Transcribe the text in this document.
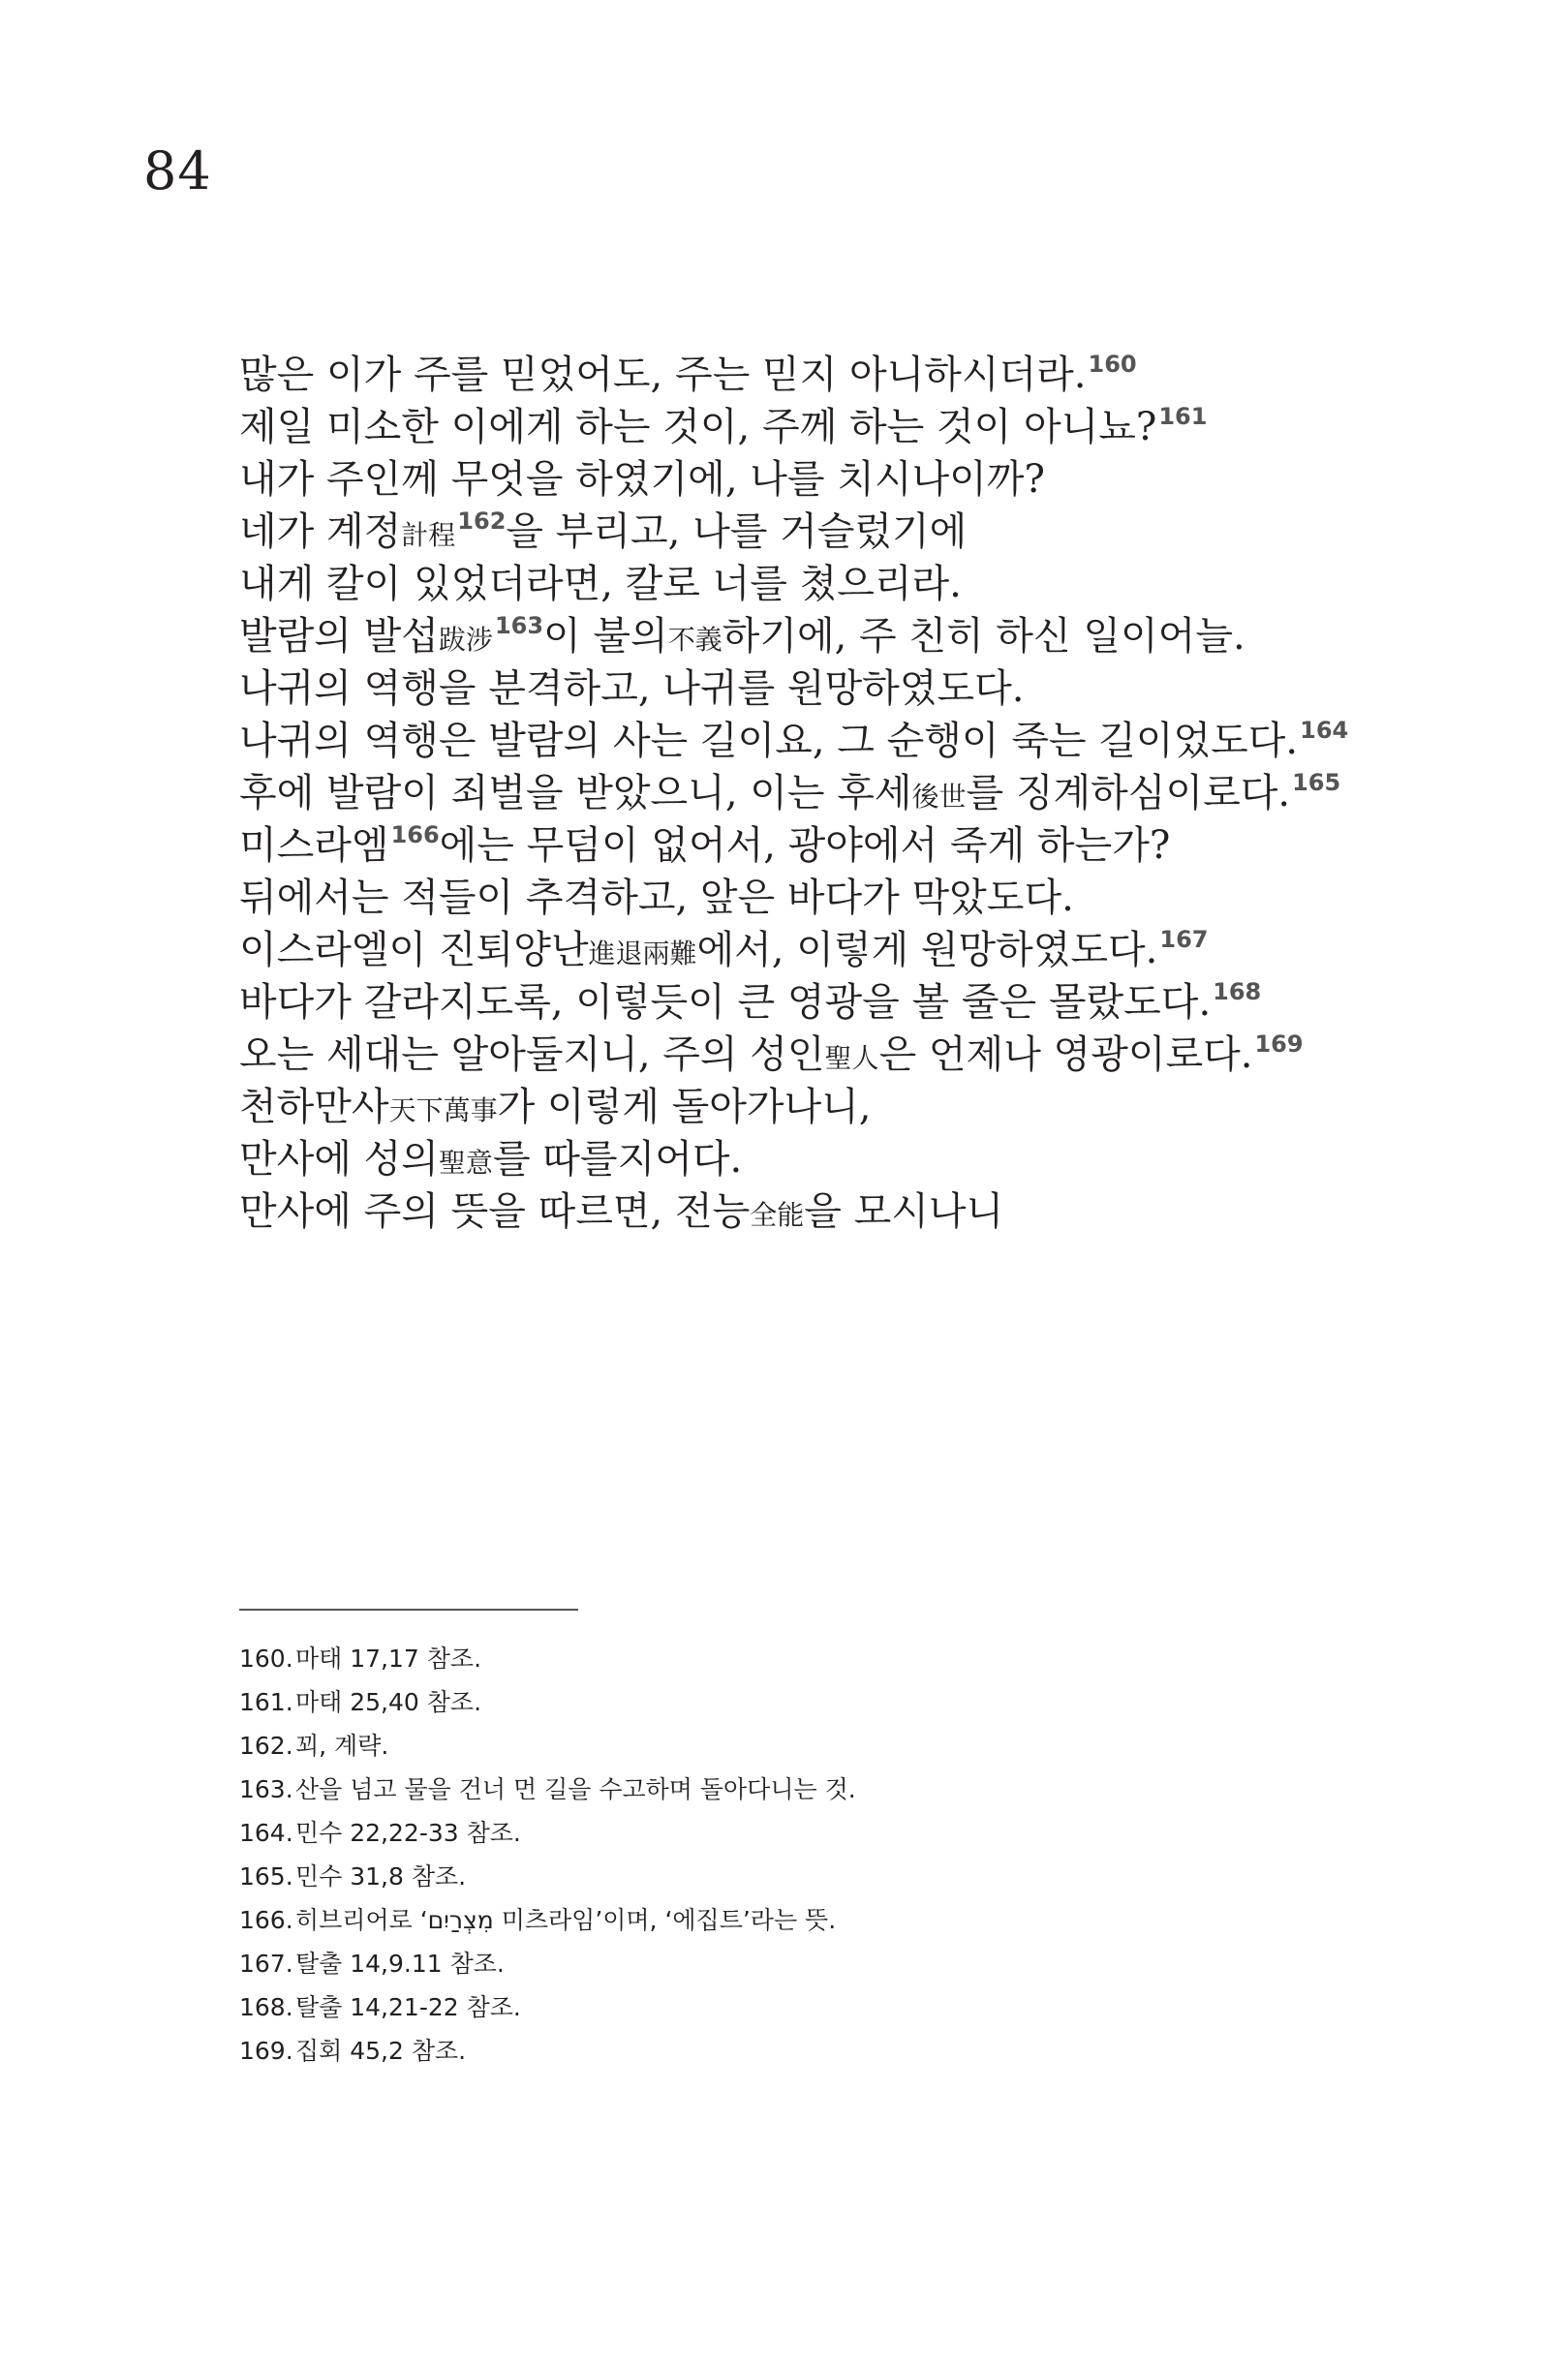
84
많은 이가 주를 믿었어도, 주는 믿지 아니하시더라.$^{160}$
제일 미소한 이에게 하는 것이, 주께 하는 것이 아니뇨?$^{161}$
내가 주인께 무엇을 하였기에, 나를 치시나이까?
네가 계정計程$^{162}$을 부리고, 나를 거슬렀기에
내게 칼이 있었더라면, 칼로 너를 쳤으리라.
발람의 발섭跋涉$^{163}$이 불의不義하기에, 주 친히 하신 일이어늘.
나귀의 역행을 분격하고, 나귀를 원망하였도다.
나귀의 역행은 발람의 사는 길이요, 그 순행이 죽는 길이었도다.$^{164}$
후에 발람이 죄벌을 받았으니, 이는 후세後世를 징계하심이로다.$^{165}$
미스라엠$^{166}$에는 무덤이 없어서, 광야에서 죽게 하는가?
뒤에서는 적들이 추격하고, 앞은 바다가 막았도다.
이스라엘이 진퇴양난進退兩難에서, 이렇게 원망하였도다.$^{167}$
바다가 갈라지도록, 이렇듯이 큰 영광을 볼 줄은 몰랐도다.$^{168}$
오는 세대는 알아둘지니, 주의 성인聖人은 언제나 영광이로다.$^{169}$
천하만사天下萬事가 이렇게 돌아가나니,
만사에 성의聖意를 따를지어다.
만사에 주의 뜻을 따르면, 전능全能을 모시나니
160.마태 17,17 참조.
161.마태 25,40 참조.
162.꾀, 계략.
163.산을 넘고 물을 건너 먼 길을 수고하며 돌아다니는 것.
164.민수 22,22-33 참조.
165.민수 31,8 참조.
166.히브리어로 ‘מִצְרַיִם 미츠라임’이며, ‘에집트’라는 뜻.
167.탈출 14,9.11 참조.
168.탈출 14,21-22 참조.
169.집회 45,2 참조.
